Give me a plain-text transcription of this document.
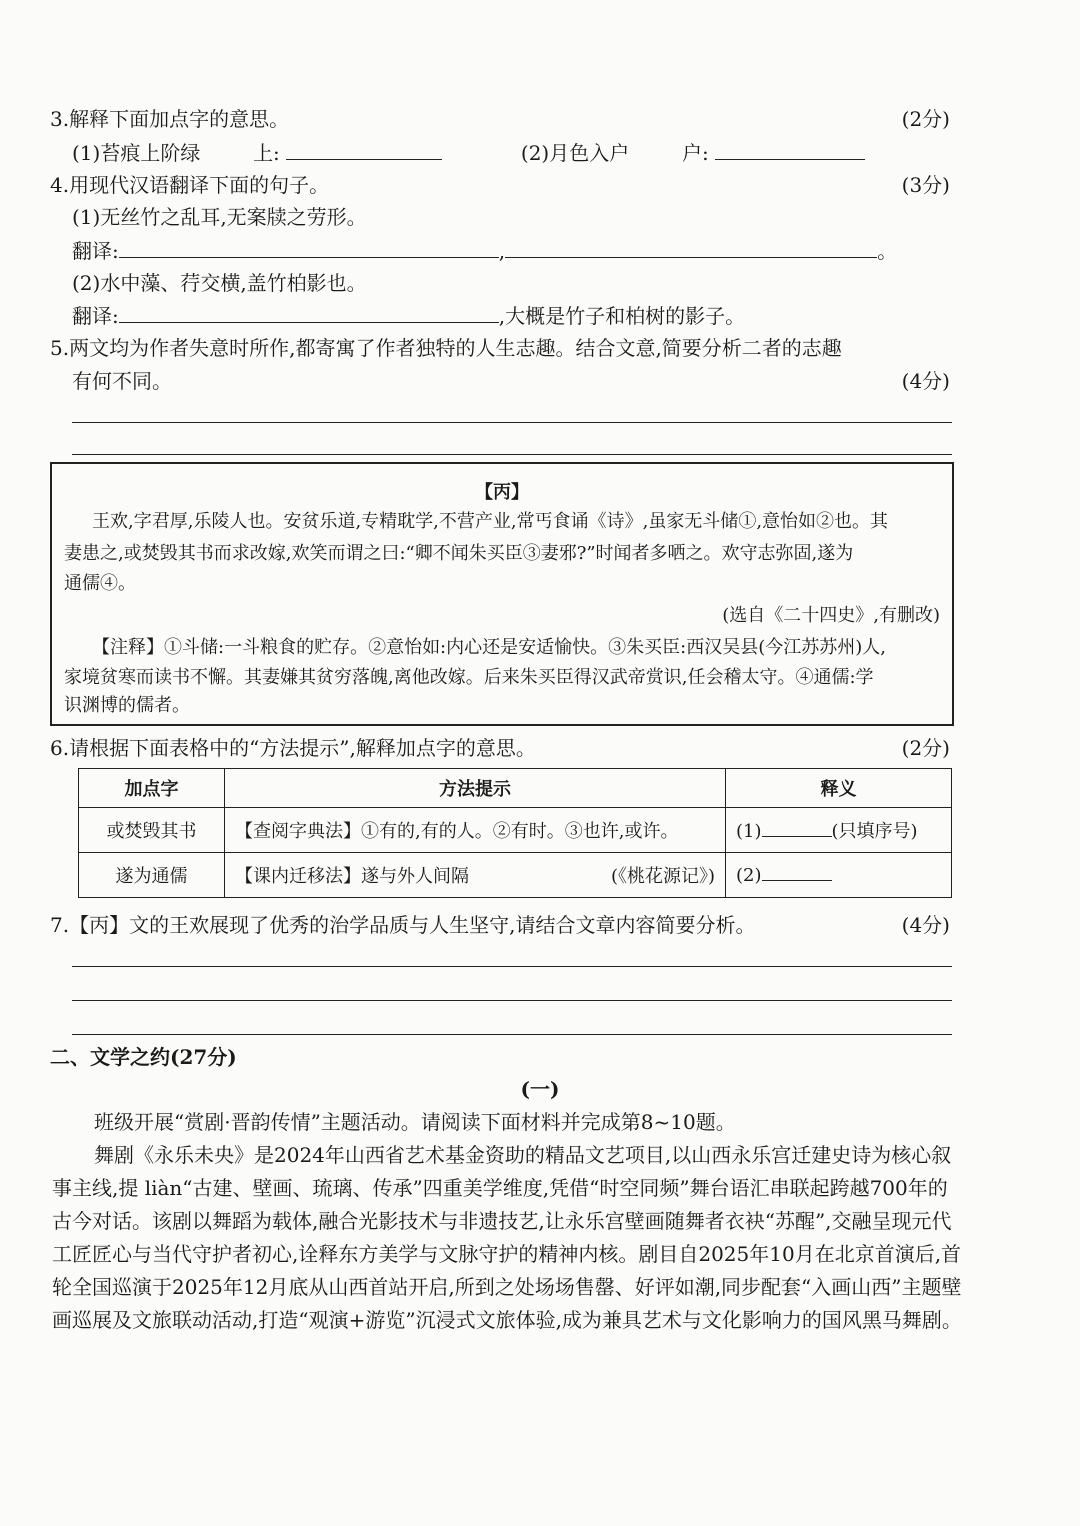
3.解释下面加点字的意思。	(2分)
(1)苔痕上阶绿	上:	(2)月色入户	户:
4.用现代汉语翻译下面的句子。	(3分)
(1)无丝竹之乱耳,无案牍之劳形。
翻译:	,	。
(2)水中藻、荇交横,盖竹柏影也。
翻译:	,大概是竹子和柏树的影子。
5.两文均为作者失意时所作,都寄寓了作者独特的人生志趣。结合文意,简要分析二者的志趣
有何不同。	(4分)
【丙】
王欢,字君厚,乐陵人也。安贫乐道,专精耽学,不营产业,常丐食诵《诗》,虽家无斗储①,意怡如②也。其
妻患之,或焚毁其书而求改嫁,欢笑而谓之曰:“卿不闻朱买臣③妻邪?”时闻者多哂之。欢守志弥固,遂为
通儒④。
(选自《二十四史》,有删改)
【注释】①斗储:一斗粮食的贮存。②意怡如:内心还是安适愉快。③朱买臣:西汉吴县(今江苏苏州)人,
家境贫寒而读书不懈。其妻嫌其贫穷落魄,离他改嫁。后来朱买臣得汉武帝赏识,任会稽太守。④通儒:学
识渊博的儒者。
6.请根据下面表格中的“方法提示”,解释加点字的意思。	(2分)
加点字	方法提示	释义
或焚毁其书	【查阅字典法】①有的,有的人。②有时。③也许,或许。	(1) (只填序号)
遂为通儒	【课内迁移法】遂与外人间隔 (《桃花源记》)	(2)
7.【丙】文的王欢展现了优秀的治学品质与人生坚守,请结合文章内容简要分析。	(4分)
二、文学之约(27分)
(一)
班级开展“赏剧·晋韵传情”主题活动。请阅读下面材料并完成第8~10题。
舞剧《永乐未央》是2024年山西省艺术基金资助的精品文艺项目,以山西永乐宫迁建史诗为核心叙事主线,提 liàn“古建、壁画、琉璃、传承”四重美学维度,凭借“时空同频”舞台语汇串联起跨越700年的古今对话。该剧以舞蹈为载体,融合光影技术与非遗技艺,让永乐宫壁画随舞者衣袂“苏醒”,交融呈现元代工匠匠心与当代守护者初心,诠释东方美学与文脉守护的精神内核。剧目自2025年10月在北京首演后,首轮全国巡演于2025年12月底从山西首站开启,所到之处场场售罄、好评如潮,同步配套“入画山西”主题壁画巡展及文旅联动活动,打造“观演+游览”沉浸式文旅体验,成为兼具艺术与文化影响力的国风黑马舞剧。
